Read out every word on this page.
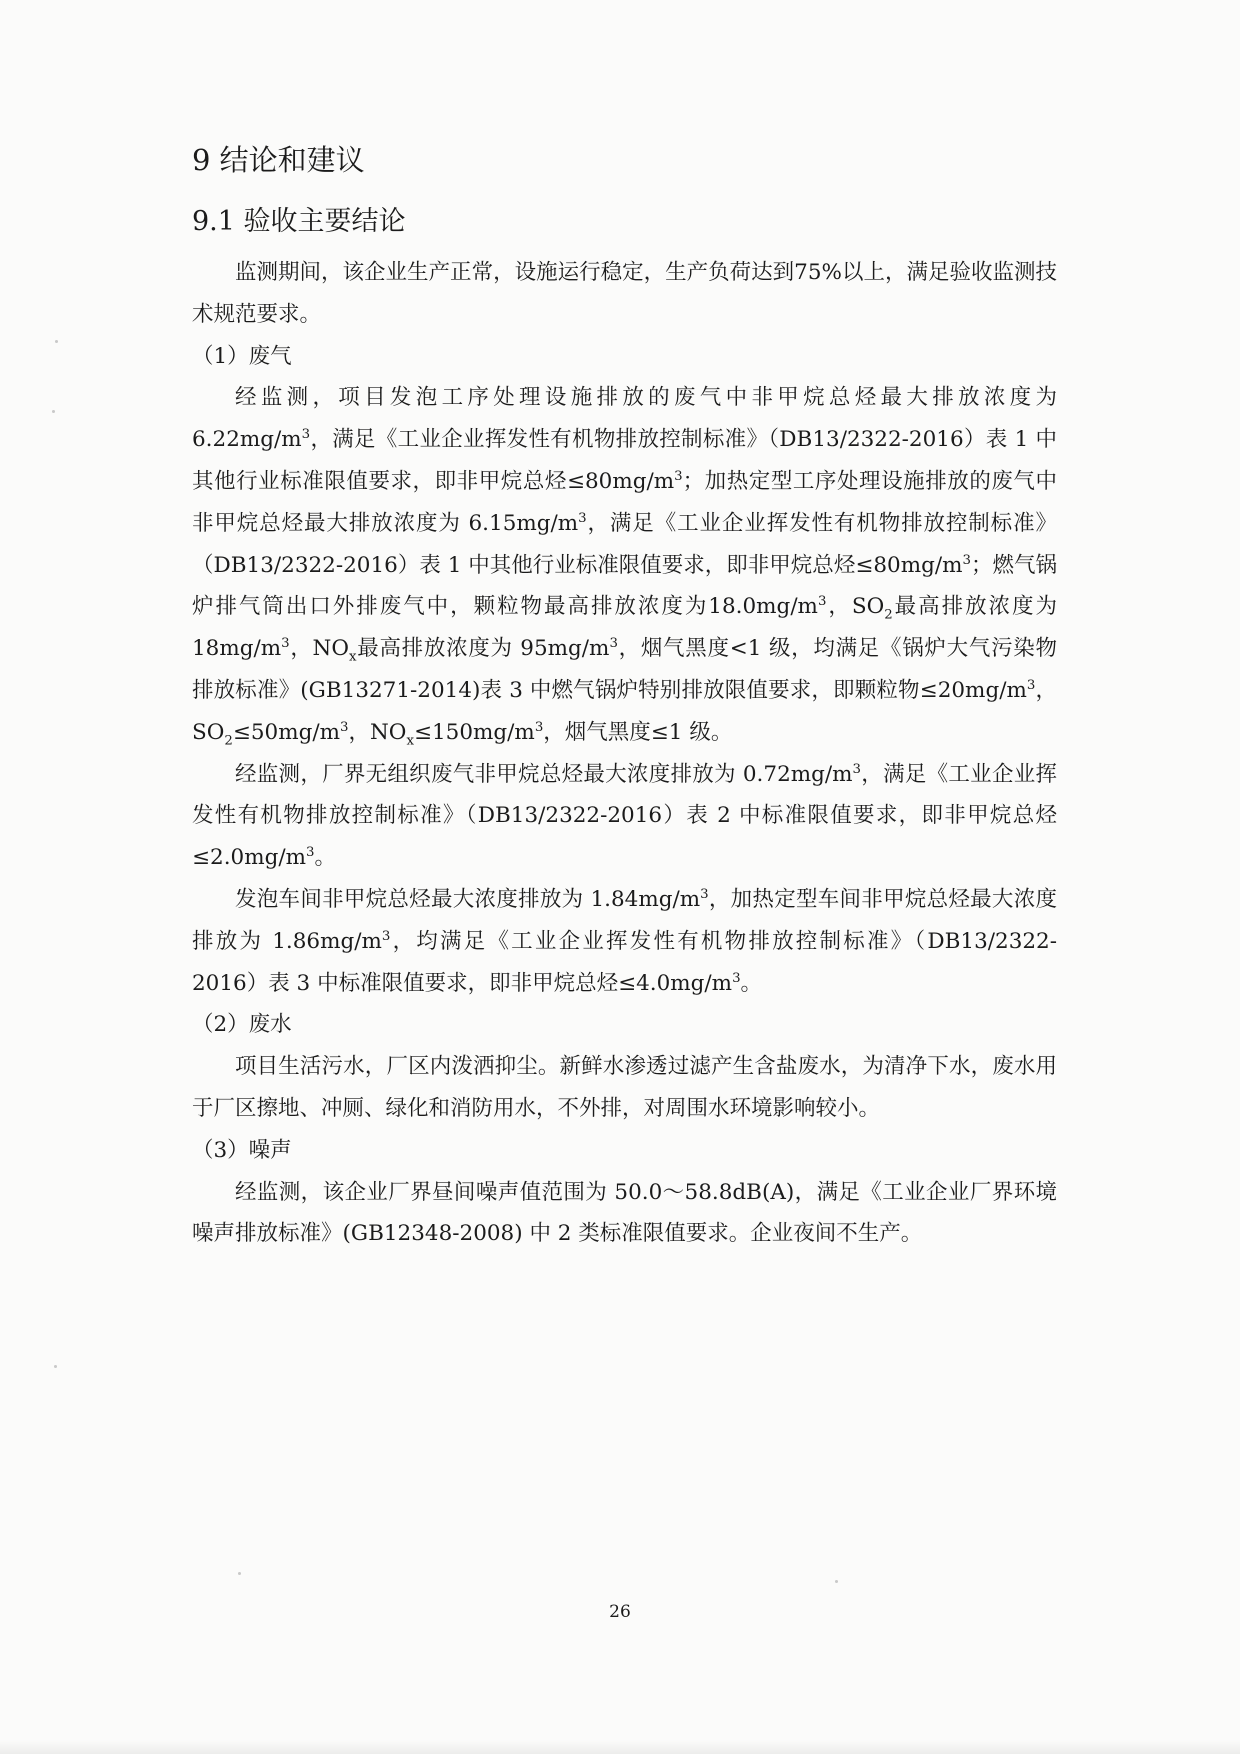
9 结论和建议
9.1 验收主要结论

监测期间，该企业生产正常，设施运行稳定，生产负荷达到75%以上，满足验收监测技术规范要求。

（1）废气

经监测，项目发泡工序处理设施排放的废气中非甲烷总烃最大排放浓度为$6.22mg/m^3$，满足《工业企业挥发性有机物排放控制标准》（DB13/2322-2016）表 1 中其他行业标准限值要求，即非甲烷总烃$\le 80mg/m^3$；加热定型工序处理设施排放的废气中非甲烷总烃最大排放浓度为 $6.15mg/m^3$，满足《工业企业挥发性有机物排放控制标准》（DB13/2322-2016）表 1 中其他行业标准限值要求，即非甲烷总烃$\le 80mg/m^3$；燃气锅炉排气筒出口外排废气中，颗粒物最高排放浓度为$18.0mg/m^3$，$SO_2$最高排放浓度为 $18mg/m^3$，$NO_x$最高排放浓度为 $95mg/m^3$，烟气黑度<1 级，均满足《锅炉大气污染物排放标准》(GB13271-2014)表 3 中燃气锅炉特别排放限值要求，即颗粒物$\le 20mg/m^3$，$SO_2\le 50mg/m^3$，$NO_x\le 150mg/m^3$，烟气黑度≤1 级。

经监测，厂界无组织废气非甲烷总烃最大浓度排放为 $0.72mg/m^3$，满足《工业企业挥发性有机物排放控制标准》（DB13/2322-2016）表 2 中标准限值要求，即非甲烷总烃$\le 2.0mg/m^3$。

发泡车间非甲烷总烃最大浓度排放为 $1.84mg/m^3$，加热定型车间非甲烷总烃最大浓度排放为 $1.86mg/m^3$，均满足《工业企业挥发性有机物排放控制标准》（DB13/2322-2016）表 3 中标准限值要求，即非甲烷总烃$\le 4.0mg/m^3$。

（2）废水

项目生活污水，厂区内泼洒抑尘。新鲜水渗透过滤产生含盐废水，为清净下水，废水用于厂区擦地、冲厕、绿化和消防用水，不外排，对周围水环境影响较小。

（3）噪声

经监测，该企业厂界昼间噪声值范围为 50.0～58.8dB(A)，满足《工业企业厂界环境噪声排放标准》(GB12348-2008) 中 2 类标准限值要求。企业夜间不生产。

26
